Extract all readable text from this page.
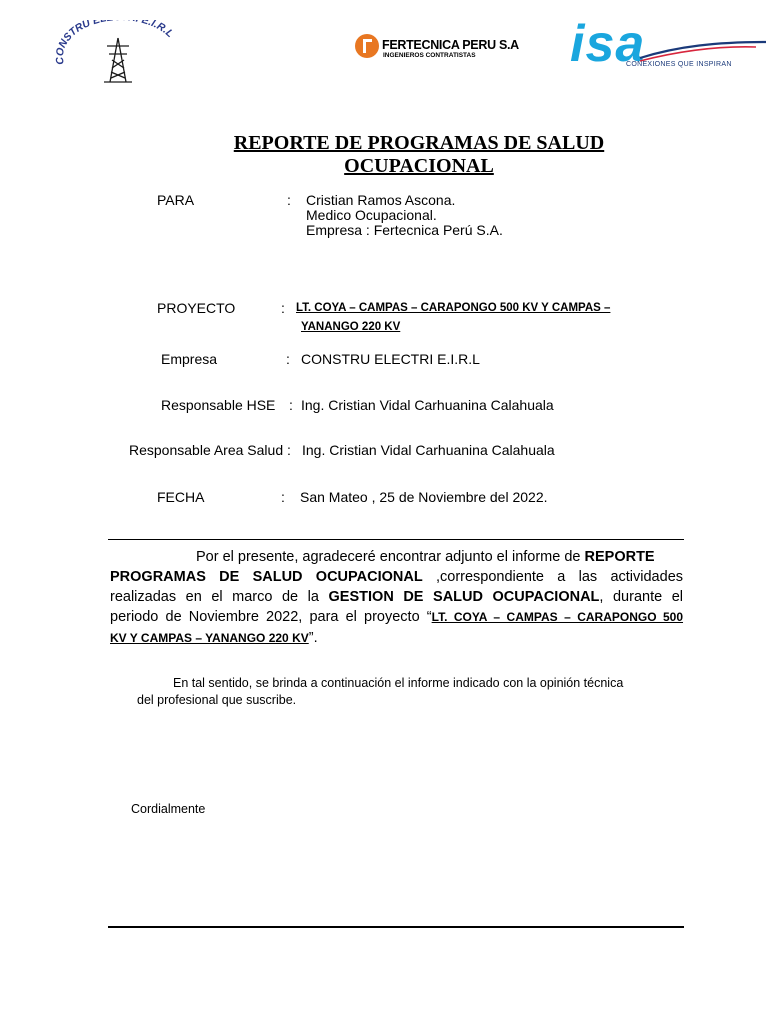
CONSTRU E E.I.R.L
FERTECNICA PERU S.A
INGENIEROS CONTRATISTAS isa
CONEXIONES QUE INSPIRAN
REPORTE DE PROGRAMAS DE SALUD
OCUPACIONAL
PARA	: Cristian Ramos Ascona.
Medico Ocupacional.
Empresa : Fertecnica Perú S.A.
PROYECTO	: LT. COYA – CAMPAS – CARAPONGO 500 KV Y CAMPAS –
YANANGO 220 KV
Empresa	: CONSTRU ELECTRI E.I.R.L
Responsable HSE : Ing. Cristian Vidal Carhuanina Calahuala
Responsable Area Salud : Ing. Cristian Vidal Carhuanina Calahuala
FECHA	: San Mateo , 25 de Noviembre del 2022.
Por el presente, agradeceré encontrar adjunto el informe de REPORTE
PROGRAMAS DE SALUD OCUPACIONAL ,correspondiente a las actividades
realizadas en el marco de la GESTION DE SALUD OCUPACIONAL, durante el
periodo de Noviembre 2022, para el proyecto “LT. COYA – CAMPAS – CARAPONGO 500
KV Y CAMPAS – YANANGO 220 KV”.
En tal sentido, se brinda a continuación el informe indicado con la opinión técnica
del profesional que suscribe.
Cordialmente
